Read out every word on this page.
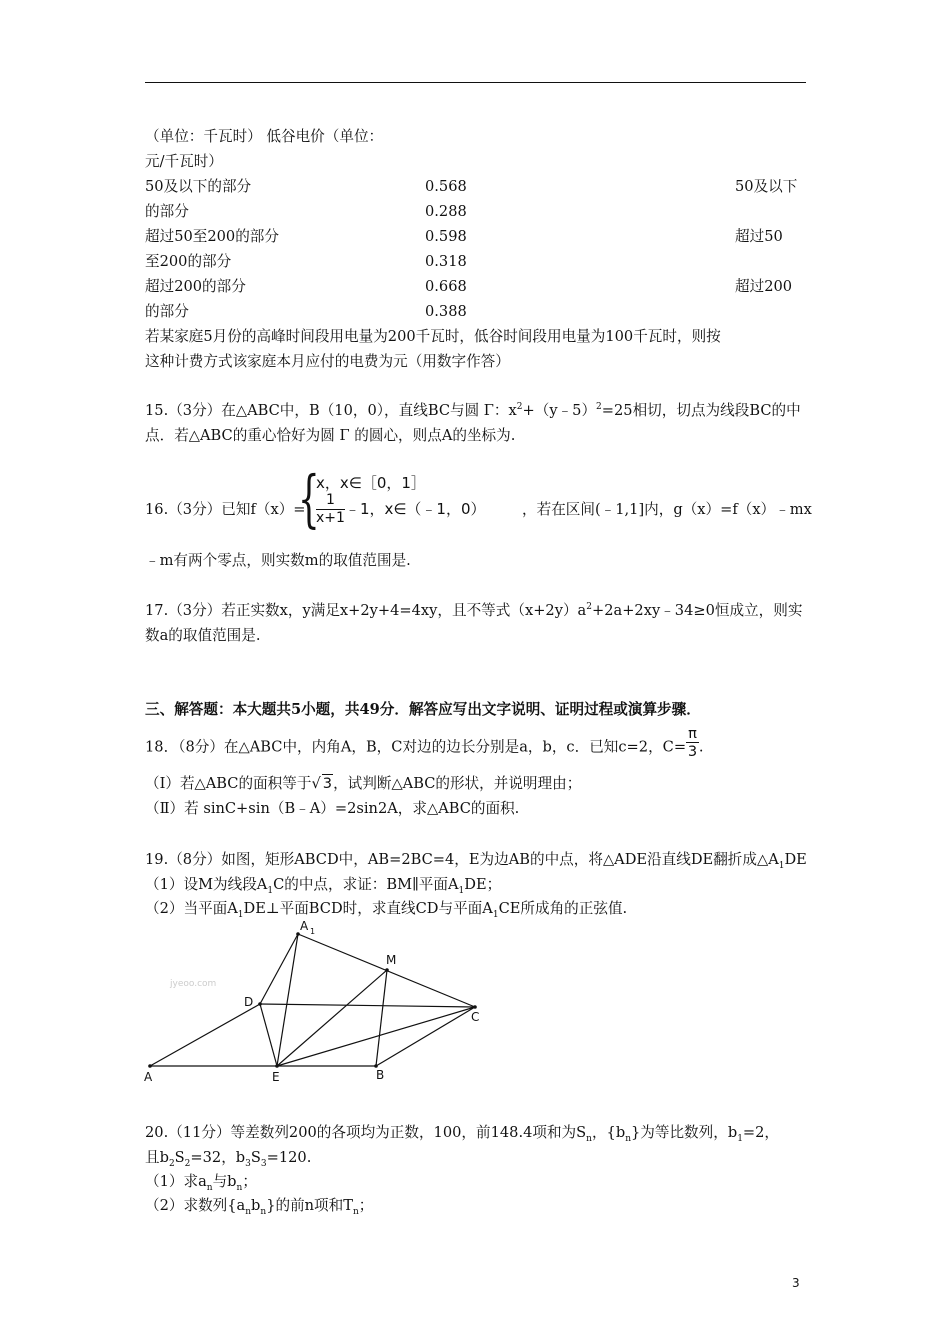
（单位：千瓦时） 低谷电价（单位：
元/千瓦时）
50及以下的部分	0.568	50及以下
的部分	0.288
超过50至200的部分	0.598	超过50
至200的部分	0.318
超过200的部分	0.668	超过200
的部分	0.388
若某家庭5月份的高峰时间段用电量为200千瓦时，低谷时间段用电量为100千瓦时，则按
这种计费方式该家庭本月应付的电费为元（用数字作答）
15.（3分）在△ABC中，B（10，0），直线BC与圆 Γ：$x^2+(y﹣5)^2=25$相切，切点为线段BC的中
点．若△ABC的重心恰好为圆 Γ 的圆心，则点A的坐标为.
16.（3分）已知f（x）=
{
x，x∈［0，1］
$\frac{1}{x+1}$ ﹣1，x∈（﹣1，0） ，若在区间(﹣1,1]内，g（x）=f（x）﹣mx
﹣m有两个零点，则实数m的取值范围是.
17.（3分）若正实数x，y满足x+2y+4=4xy，且不等式$(x+2y)a^2+2a+2xy﹣34\ge 0$恒成立，则实
数a的取值范围是.
三、解答题：本大题共5小题，共49分．解答应写出文字说明、证明过程或演算步骤．
18．（8分）在△ABC中，内角A，B，C对边的边长分别是a，b，c．已知c=2，$C= \frac{\pi}{3}$ .
（Ⅰ）若△ABC的面积等于√ 3，试判断△ABC的形状，并说明理由；
（Ⅱ）若 sinC+sin（B﹣A）=2sin2A，求△ABC的面积.
19.（8分）如图，矩形ABCD中，AB=2BC=4，E为边AB的中点，将△ADE沿直线DE翻折成$\triangle A_1DE$
（1）设M为线段$A_1C$的中点，求证：BM∥平面$A_1DE$；
（2）当平面$A_1DE\perp$平面BCD时，求直线CD与平面$A_1CE$所成角的正弦值.
A 1
M
D
C
A	E	B
jyeoo.com
20.（11分）等差数列200的各项均为正数，100，前148.4项和为$S_n$，$\{b_n\}$为等比数列，$b_1=2$，
且$b_2S_2=32$，$b_3S_3=120$.
（1）求$a_n$与$b_n$；
（2）求数列$\{a_nb_n\}$的前n项和$T_n$；
3
